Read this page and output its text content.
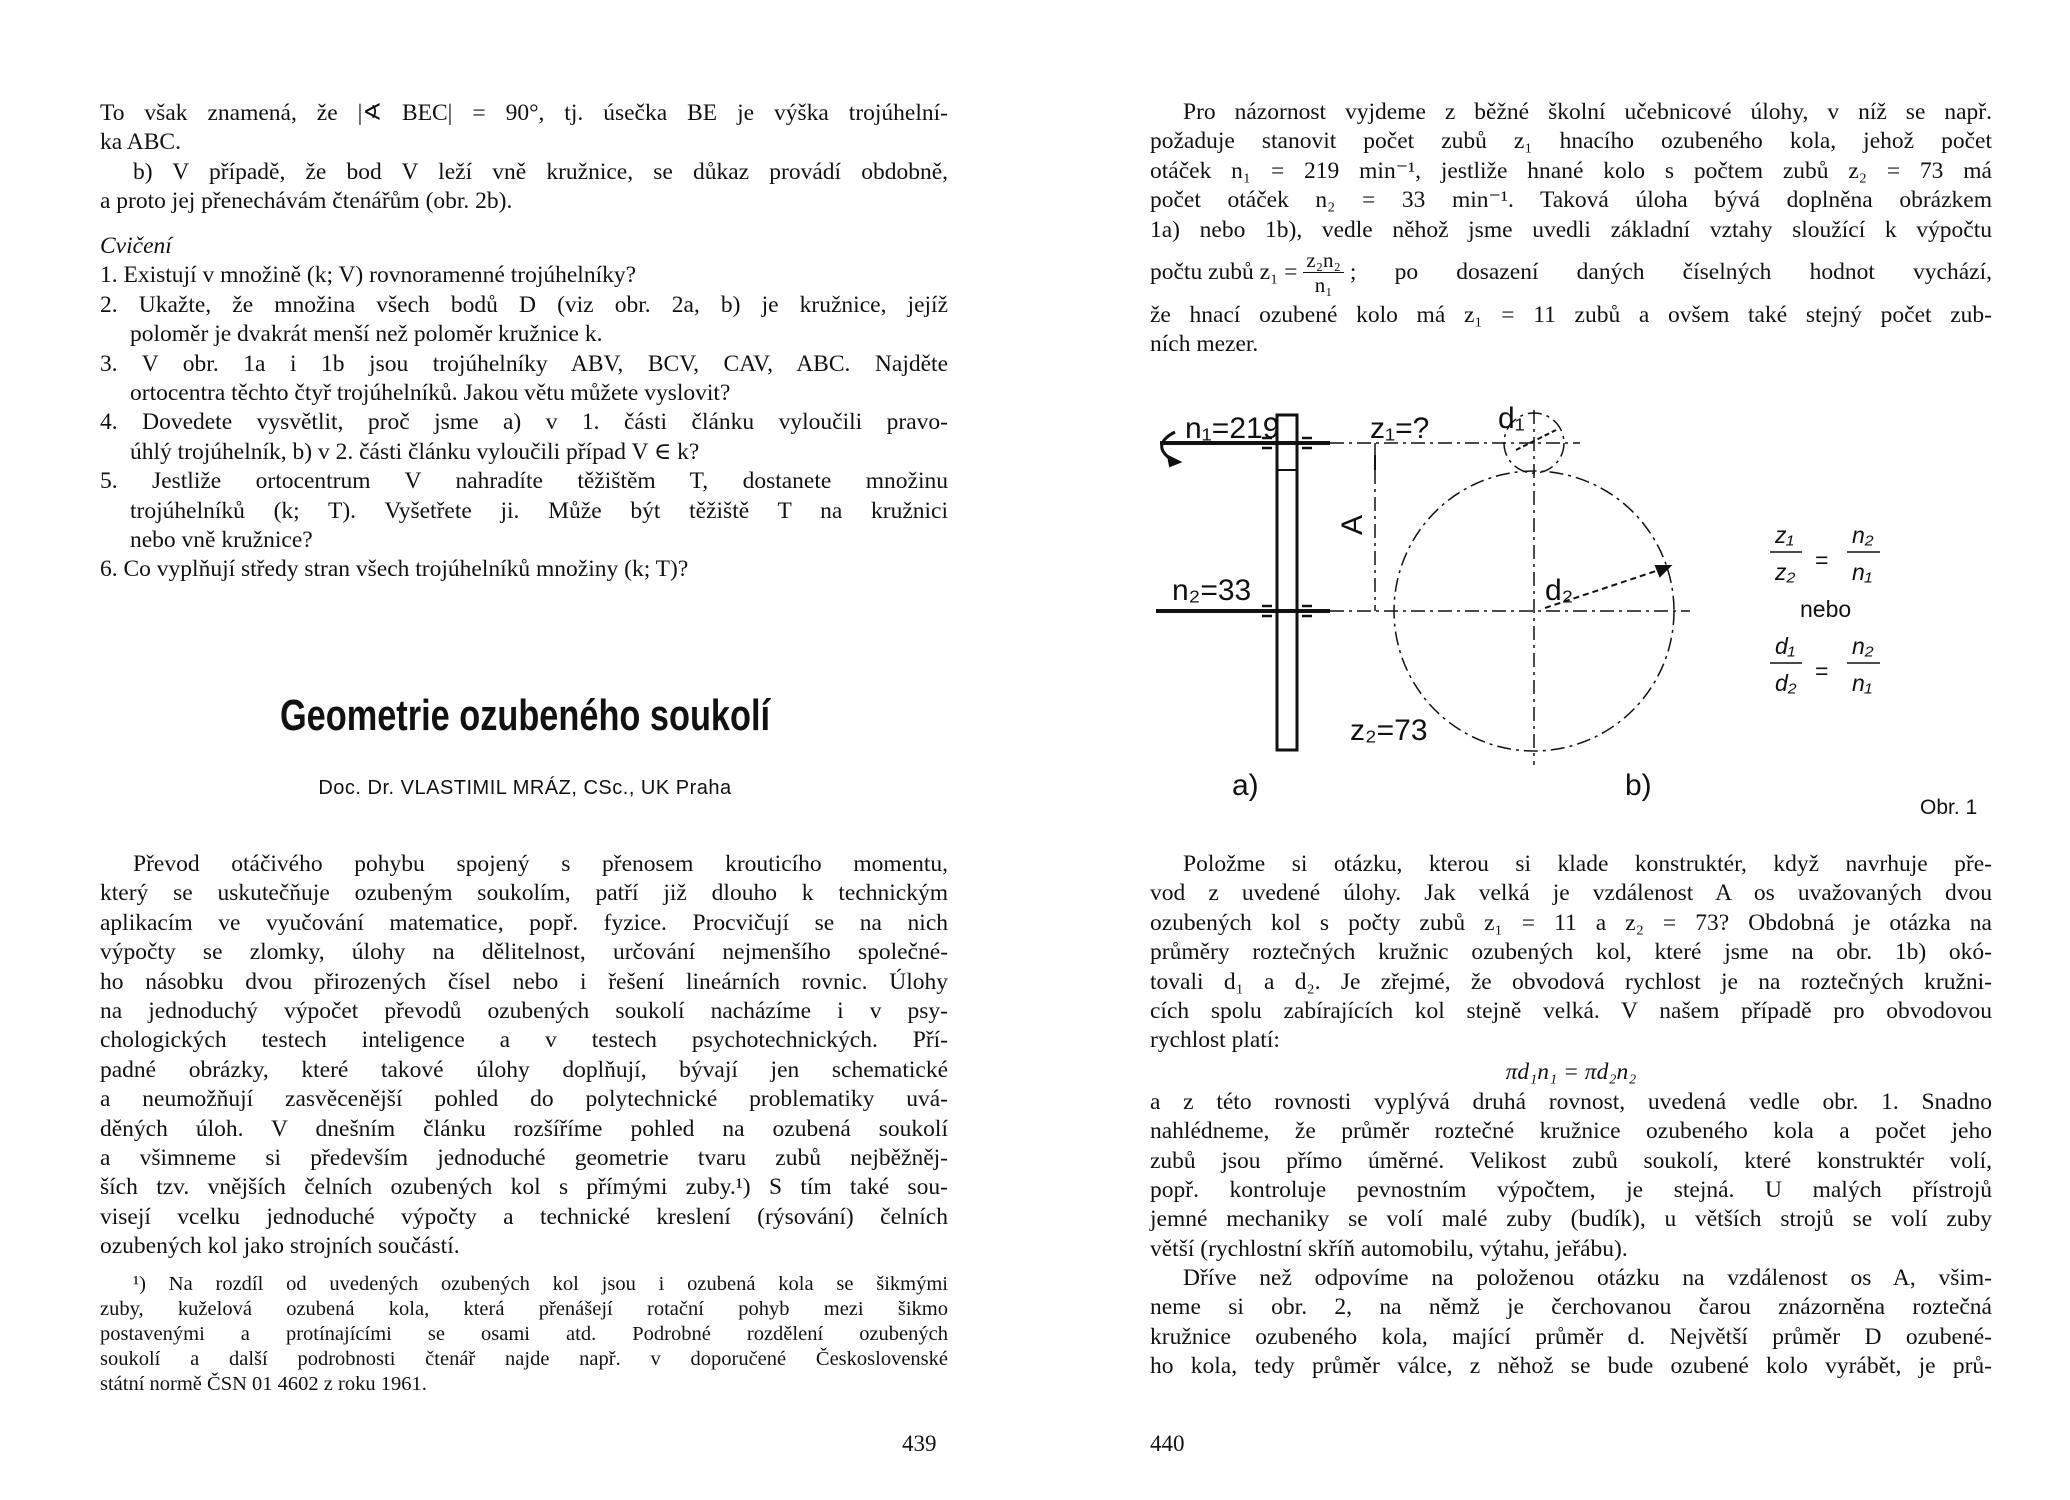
To však znamená, že |∢ BEC| = 90°, tj. úsečka BE je výška trojúhelní-
ka ABC.
b) V případě, že bod V leží vně kružnice, se důkaz provádí obdobně,
a proto jej přenechávám čtenářům (obr. 2b).
Cvičení
1. Existují v množině (k; V) rovnoramenné trojúhelníky?
2. Ukažte, že množina všech bodů D (viz obr. 2a, b) je kružnice, jejíž
poloměr je dvakrát menší než poloměr kružnice k.
3. V obr. 1a i 1b jsou trojúhelníky ABV, BCV, CAV, ABC. Najděte
ortocentra těchto čtyř trojúhelníků. Jakou větu můžete vyslovit?
4. Dovedete vysvětlit, proč jsme a) v 1. části článku vyloučili pravo-
úhlý trojúhelník, b) v 2. části článku vyloučili případ V ∈ k?
5. Jestliže ortocentrum V nahradíte těžištěm T, dostanete množinu
trojúhelníků (k; T). Vyšetřete ji. Může být těžiště T na kružnici
nebo vně kružnice?
6. Co vyplňují středy stran všech trojúhelníků množiny (k; T)?
Geometrie ozubeného soukolí
Doc. Dr. VLASTIMIL MRÁZ, CSc., UK Praha
Převod otáčivého pohybu spojený s přenosem krouticího momentu,
který se uskutečňuje ozubeným soukolím, patří již dlouho k technickým
aplikacím ve vyučování matematice, popř. fyzice. Procvičují se na nich
výpočty se zlomky, úlohy na dělitelnost, určování nejmenšího společné-
ho násobku dvou přirozených čísel nebo i řešení lineárních rovnic. Úlohy
na jednoduchý výpočet převodů ozubených soukolí nacházíme i v psy-
chologických testech inteligence a v testech psychotechnických. Pří-
padné obrázky, které takové úlohy doplňují, bývají jen schematické
a neumožňují zasvěcenější pohled do polytechnické problematiky uvá-
děných úloh. V dnešním článku rozšíříme pohled na ozubená soukolí
a všimneme si především jednoduché geometrie tvaru zubů nejběžněj-
ších tzv. vnějších čelních ozubených kol s přímými zuby.¹) S tím také sou-
visejí vcelku jednoduché výpočty a technické kreslení (rýsování) čelních
ozubených kol jako strojních součástí.
¹) Na rozdíl od uvedených ozubených kol jsou i ozubená kola se šikmými
zuby, kuželová ozubená kola, která přenášejí rotační pohyb mezi šikmo
postavenými a protínajícími se osami atd. Podrobné rozdělení ozubených
soukolí a další podrobnosti čtenář najde např. v doporučené Československé
státní normě ČSN 01 4602 z roku 1961.
439
Pro názornost vyjdeme z běžné školní učebnicové úlohy, v níž se např.
požaduje stanovit počet zubů z₁ hnacího ozubeného kola, jehož počet
otáček n₁ = 219 min⁻¹, jestliže hnané kolo s počtem zubů z₂ = 73 má
počet otáček n₂ = 33 min⁻¹. Taková úloha bývá doplněna obrázkem
1a) nebo 1b), vedle něhož jsme uvedli základní vztahy sloužící k výpočtu
počtu zubů $z_1 = \frac{\text{z₂n₂}}{\text{n₁}}$ ; po dosazení daných číselných hodnot vychází,
že hnací ozubené kolo má z₁ = 11 zubů a ovšem také stejný počet zub-
ních mezer.
n₁=219	z₁=?
A
n₂=33
d₁
d₂
z₂=73
a)	b)
z₁
z₂ =
n₂
n₁
nebo
d₁
d₂ =
n₂
n₁
Obr. 1
Položme si otázku, kterou si klade konstruktér, když navrhuje pře-
vod z uvedené úlohy. Jak velká je vzdálenost A os uvažovaných dvou
ozubených kol s počty zubů z₁ = 11 a z₂ = 73? Obdobná je otázka na
průměry roztečných kružnic ozubených kol, které jsme na obr. 1b) okó-
tovali d₁ a d₂. Je zřejmé, že obvodová rychlost je na roztečných kružni-
cích spolu zabírajících kol stejně velká. V našem případě pro obvodovou
rychlost platí:
πd₁n₁ = πd₂n₂
a z této rovnosti vyplývá druhá rovnost, uvedená vedle obr. 1. Snadno
nahlédneme, že průměr roztečné kružnice ozubeného kola a počet jeho
zubů jsou přímo úměrné. Velikost zubů soukolí, které konstruktér volí,
popř. kontroluje pevnostním výpočtem, je stejná. U malých přístrojů
jemné mechaniky se volí malé zuby (budík), u větších strojů se volí zuby
větší (rychlostní skříň automobilu, výtahu, jeřábu).
Dříve než odpovíme na položenou otázku na vzdálenost os A, všim-
neme si obr. 2, na němž je čerchovanou čarou znázorněna roztečná
kružnice ozubeného kola, mající průměr d. Největší průměr D ozubené-
ho kola, tedy průměr válce, z něhož se bude ozubené kolo vyrábět, je prů-
440
